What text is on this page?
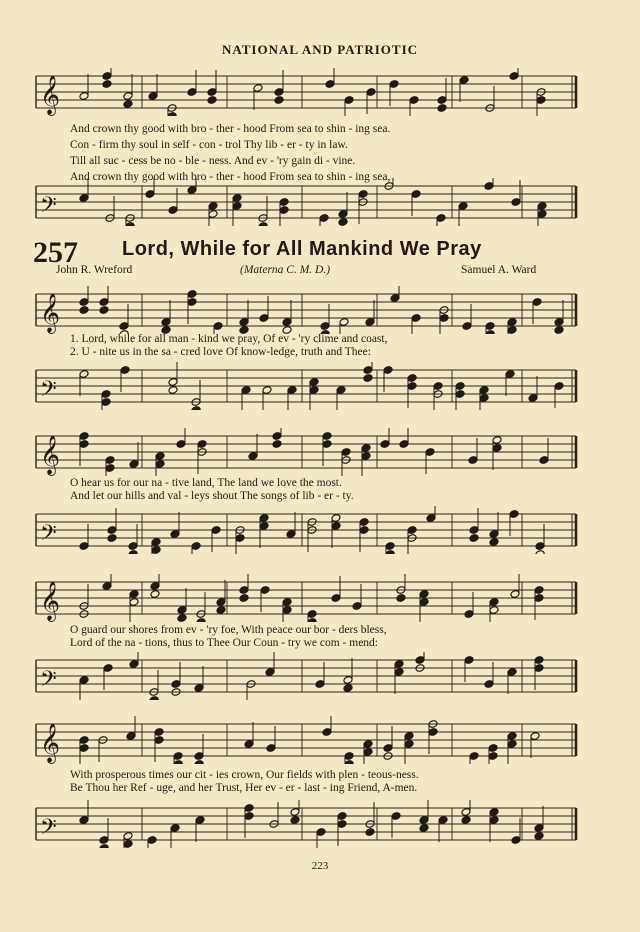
NATIONAL AND PATRIOTIC
𝄞
And crown thy good with bro - ther - hood From sea to shin - ing sea.
Con - firm thy soul in self - con - trol Thy lib - er - ty in law.
Till all suc - cess be no - ble - ness. And ev - 'ry gain di - vine.
And crown thy good with bro - ther - hood From sea to shin - ing sea,
𝄢
257 Lord, While for All Mankind We Pray
John R. Wreford	(Materna C. M. D.)	Samuel A. Ward
𝄞
1. Lord, while for all man - kind we pray, Of ev - 'ry clime and coast,
2. U - nite us in the sa - cred love Of know-ledge, truth and Thee:
𝄢
𝄞
O hear us for our na - tive land, The land we love the most.
And let our hills and val - leys shout The songs of lib - er - ty.
𝄢
𝄞
O guard our shores from ev - 'ry foe, With peace our bor - ders bless,
Lord of the na - tions, thus to Thee Our Coun - try we com - mend:
𝄢
𝄞
With prosperous times our cit - ies crown, Our fields with plen - teous-ness.
Be Thou her Ref - uge, and her Trust, Her ev - er - last - ing Friend, A-men.
𝄢
223
